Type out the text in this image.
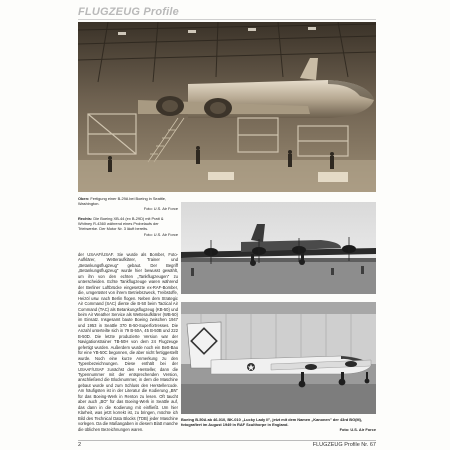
FLUGZEUG Profile
Oben: Fertigung einer B-29A bei Boeing in Seattle, Washington.
Foto: U.S. Air Force
Rechts: Die Boeing XB-44 (ex B-29D) mit Pratt & Whitney R-4360 während eines Probelaufs der Triebwerke. Der Motor Nr. 3 läuft bereits.
Foto: U.S. Air Force
Boeing B-50A ab 46-010, BK-010 „Lucky Lady II", jetzt mit dem Namen „Kanonen" der 43rd BG(M), fotografiert im August 1949 in RAF Sculthorpe in England.
Foto: U.S. Air Force

der USAAF/USAF. Sie wurde als Bomber, Foto-Aufklärer, Wetteraufklärer, Trainer und „Betankungsflugzeug" gebaut. Der Begriff „Betankungsflugzeug" wurde hier bewusst gewählt, um ihn von den echten „Tankflugzeugen" zu unterscheiden. Echte Tankflugzeuge waren während der Berliner Luftbrücke eingesetzte ex-RAF-Bomber, die, umgerüstet von ihrem Betriebszweck, Treibstoffe, Heizöl usw. nach Berlin flogen. Neben dem Strategic Air Command (SAC) diente die B-50 beim Tactical Air Command (TAC) als Betankungsflugzeug (KB-50) und beim Air Weather Service als Wetteraufklärer (WB-50) im Einsatz. Insgesamt baute Boeing zwischen 1947 und 1953 in Seattle 370 B-50-Superfortresses. Die Anzahl unterteilte sich in 79 B-50A, 45 B-50B und 222 B-50D. Die letzte produzierte Version war der Navigationstrainer TB-50H von dem 24 Flugzeuge gefertigt wurden. Außerdem wurde noch ein Bett-Bau für eine YB-50C begonnen, die aber nicht fertiggestellt wurde. Noch eine kurze Anmerkung zu den Typenbezeichnungen. Diese enthält bei der USAAF/USAF zunächst den Hersteller, dann die Typennummer mit der entsprechenden Version, anschließend die Blocknummer, in dem die Maschine gebaut wurde und zum Schluss den Herstellercode. Am häufigsten ist in der Literatur die Kodierung „BN" für das Boeing-Werk in Renton zu lesen. Oft taucht aber auch „BO" für das Boeing-Werk in Seattle auf, das dann in die Kodierung mit einfließt. Um hier Klarheit, was jetzt korrekt ist, zu bringen, möchte ich Bild des Technical Data Blocks (TDB) jeder Maschine vorlegen. Da die Maßangaben in diesem Blatt manche die üblichen Bezeichnungen waren.

2	FLUGZEUG Profile Nr. 67
